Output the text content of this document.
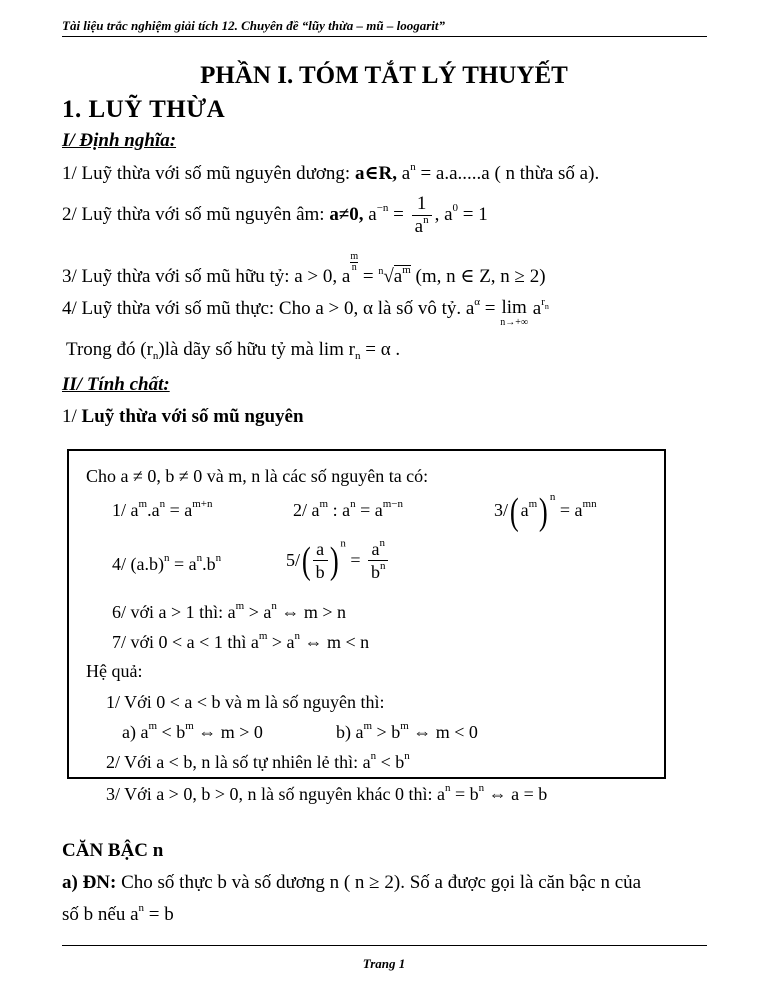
Tài liệu trắc nghiệm giải tích 12. Chuyên đề “lũy thừa – mũ – loogarit”
PHẦN I. TÓM TẮT LÝ THUYẾT
1. LUỸ THỪA
I/ Định nghĩa:
1/ Luỹ thừa với số mũ nguyên dương: a∈R, $a^n = a.a.....a$ ( n thừa số a).
2/ Luỹ thừa với số mũ nguyên âm: a≠0, $a^{-n} = \frac{1}{a^n}$ , $a^0 = 1$
3/ Luỹ thừa với số mũ hữu tỷ: a > 0, a
$\frac{m}{n}$
= $^n√a^m$ (m, n ∈ Z, n ≥ 2)
4/ Luỹ thừa với số mũ thực: Cho a > 0, α là số vô tỷ. $a^\alpha = \lim$
n→+∞
$a^{r_n}$
Trong đó $(r_n)là$ dãy số hữu tỷ mà $\lim r_n = \alpha$ .
II/ Tính chất:
1/ Luỹ thừa với số mũ nguyên
Cho a ≠ 0, b ≠ 0 và m, n là các số nguyên ta có:
1/ $a^m.a^n = a^{m+n}$	2/ $a^m$ : $a^n = a^{m-n}$	3/( $a^m$) $^n = a^{mn}$
4/ $(a.b)^n = a^n.b^n$	$5/( \frac{a}{b}$ ) $^n = \frac{a^n}{b^n}$
6/ với a > 1 thì: $a^m > a^n$ ⇔ m > n
7/ với 0 < a < 1 thì $a^m > a^n$ ⇔ m < n
Hệ quả:
1/ Với 0 < a < b và m là số nguyên thì:
a) $a^m < b^m$ ⇔ m > 0	b) $a^m > b^m$ ⇔ m < 0
2/ Với a < b, n là số tự nhiên lẻ thì: $a^n < b^n$
3/ Với a > 0, b > 0, n là số nguyên khác 0 thì: $a^n = b^n$ ⇔ a = b
CĂN BẬC n
a) ĐN: Cho số thực b và số dương n ( n ≥ 2). Số a được gọi là căn bậc n của
số b nếu $a^n = b$
Trang 1
